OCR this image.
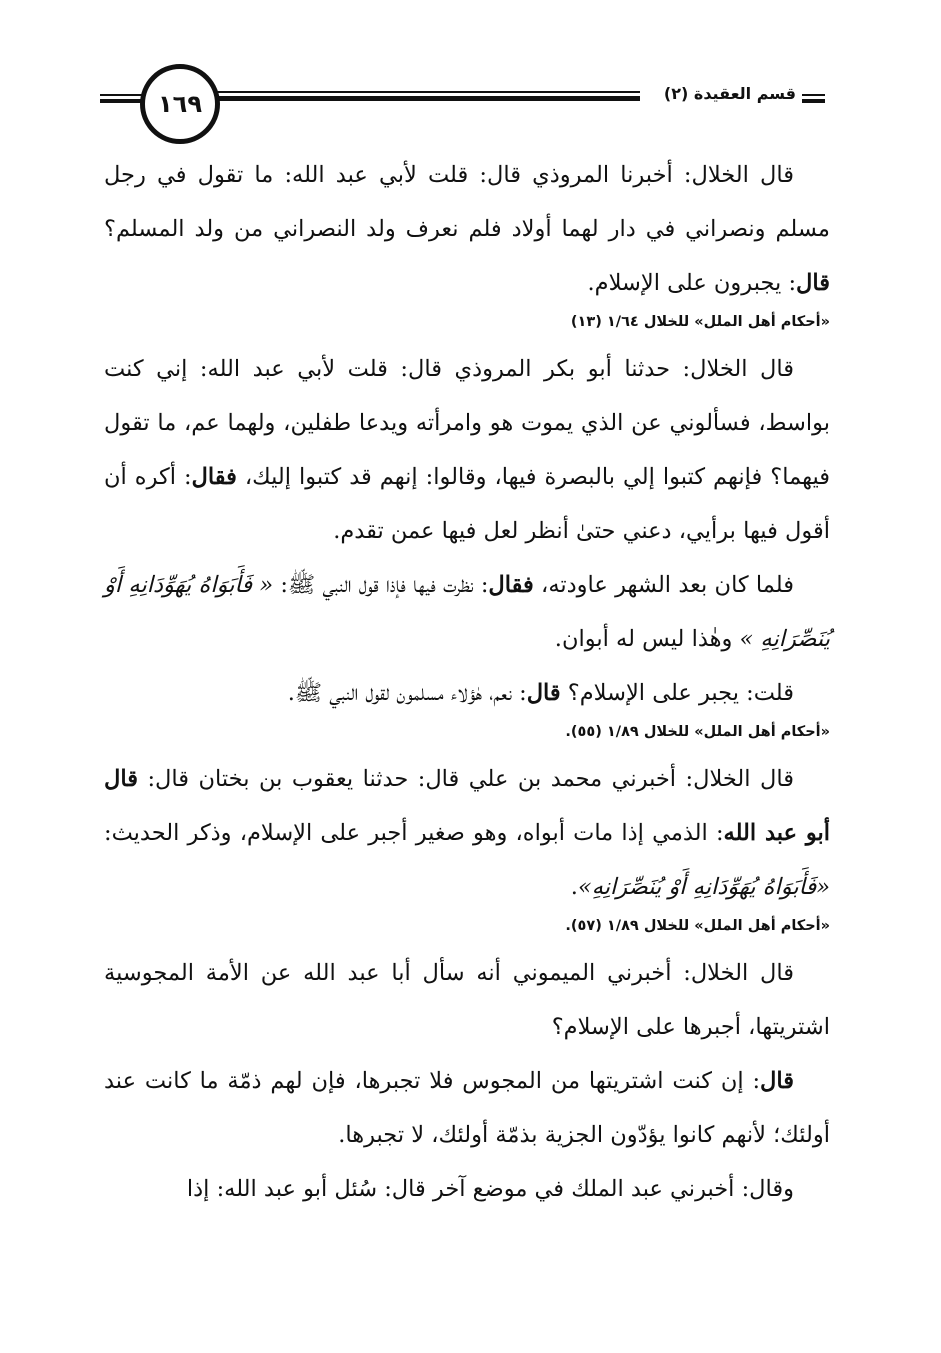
قسم العقيدة (٢)
١٦٩

قال الخلال: أخبرنا المروذي قال: قلت لأبي عبد الله: ما تقول في رجل مسلم ونصراني في دار لهما أولاد فلم نعرف ولد النصراني من ولد المسلم؟ قال: يجبرون على الإسلام.

«أحكام أهل الملل» للخلال ١/٦٤ (١٣)

قال الخلال: حدثنا أبو بكر المروذي قال: قلت لأبي عبد الله: إني كنت بواسط، فسألوني عن الذي يموت هو وامرأته ويدعا طفلين، ولهما عم، ما تقول فيهما؟ فإنهم كتبوا إلي بالبصرة فيها، وقالوا: إنهم قد كتبوا إليك، فقال: أكره أن أقول فيها برأيي، دعني حتىٰ أنظر لعل فيها عمن تقدم.

فلما كان بعد الشهر عاودته، فقال: نظرت فيها فإذا قول النبي ﷺ: « فَأَبَوَاهُ يُهَوِّدَانِهِ أَوْ يُنَصِّرَانِهِ » وهٰذا ليس له أبوان.

قلت: يجبر على الإسلام؟ قال: نعم، هٰؤلاء مسلمون لقول النبي ﷺ.

«أحكام أهل الملل» للخلال ١/٨٩ (٥٥).

قال الخلال: أخبرني محمد بن علي قال: حدثنا يعقوب بن بختان قال: قال أبو عبد الله: الذمي إذا مات أبواه، وهو صغير أجبر على الإسلام، وذكر الحديث: «فَأَبَوَاهُ يُهَوِّدَانِهِ أَوْ يُنَصِّرَانِهِ».

«أحكام أهل الملل» للخلال ١/٨٩ (٥٧).

قال الخلال: أخبرني الميموني أنه سأل أبا عبد الله عن الأمة المجوسية اشتريتها، أجبرها على الإسلام؟

قال: إن كنت اشتريتها من المجوس فلا تجبرها، فإن لهم ذمّة ما كانت عند أولئك؛ لأنهم كانوا يؤدّون الجزية بذمّة أولئك، لا تجبرها.

وقال: أخبرني عبد الملك في موضع آخر قال: سُئل أبو عبد الله: إذا
